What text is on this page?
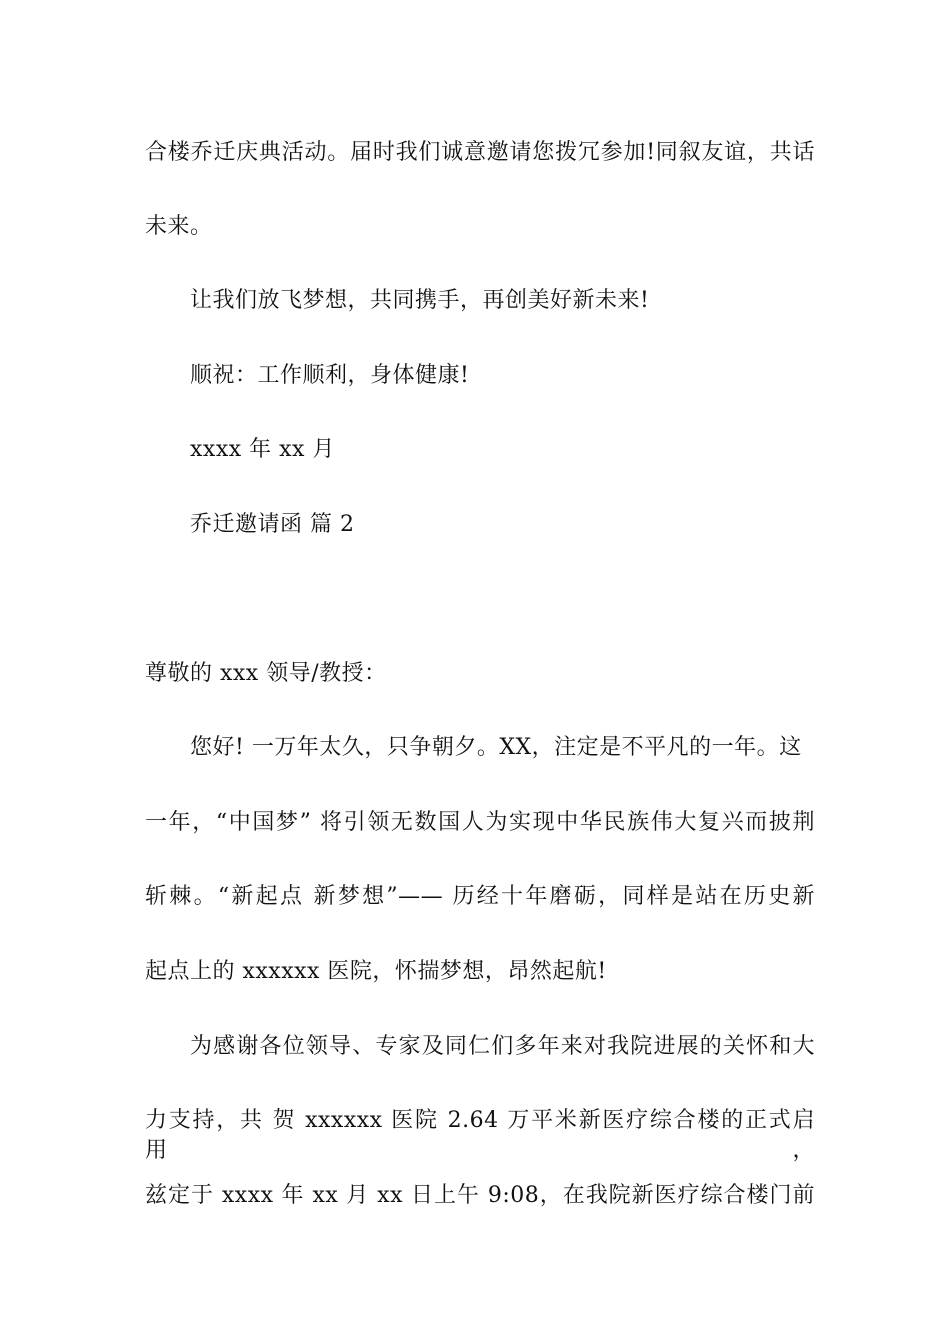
合楼乔迁庆典活动。届时我们诚意邀请您拨冗参加!同叙友谊，共话
未来。
让我们放飞梦想，共同携手，再创美好新未来!
顺祝：工作顺利，身体健康!
xxxx 年 xx 月
乔迁邀请函 篇 2
尊敬的 xxx 领导/教授：
您好! 一万年太久，只争朝夕。XX，注定是不平凡的一年。这
一年，“中国梦” 将引领无数国人为实现中华民族伟大复兴而披荆
斩棘。“新起点 新梦想”—— 历经十年磨砺，同样是站在历史新
起点上的 xxxxxx 医院，怀揣梦想，昂然起航!
为感谢各位领导、专家及同仁们多年来对我院进展的关怀和大
力支持，共 贺 xxxxxx 医院 2.64 万平米新医疗综合楼的正式启用，
兹定于 xxxx 年 xx 月 xx 日上午 9:08，在我院新医疗综合楼门前
